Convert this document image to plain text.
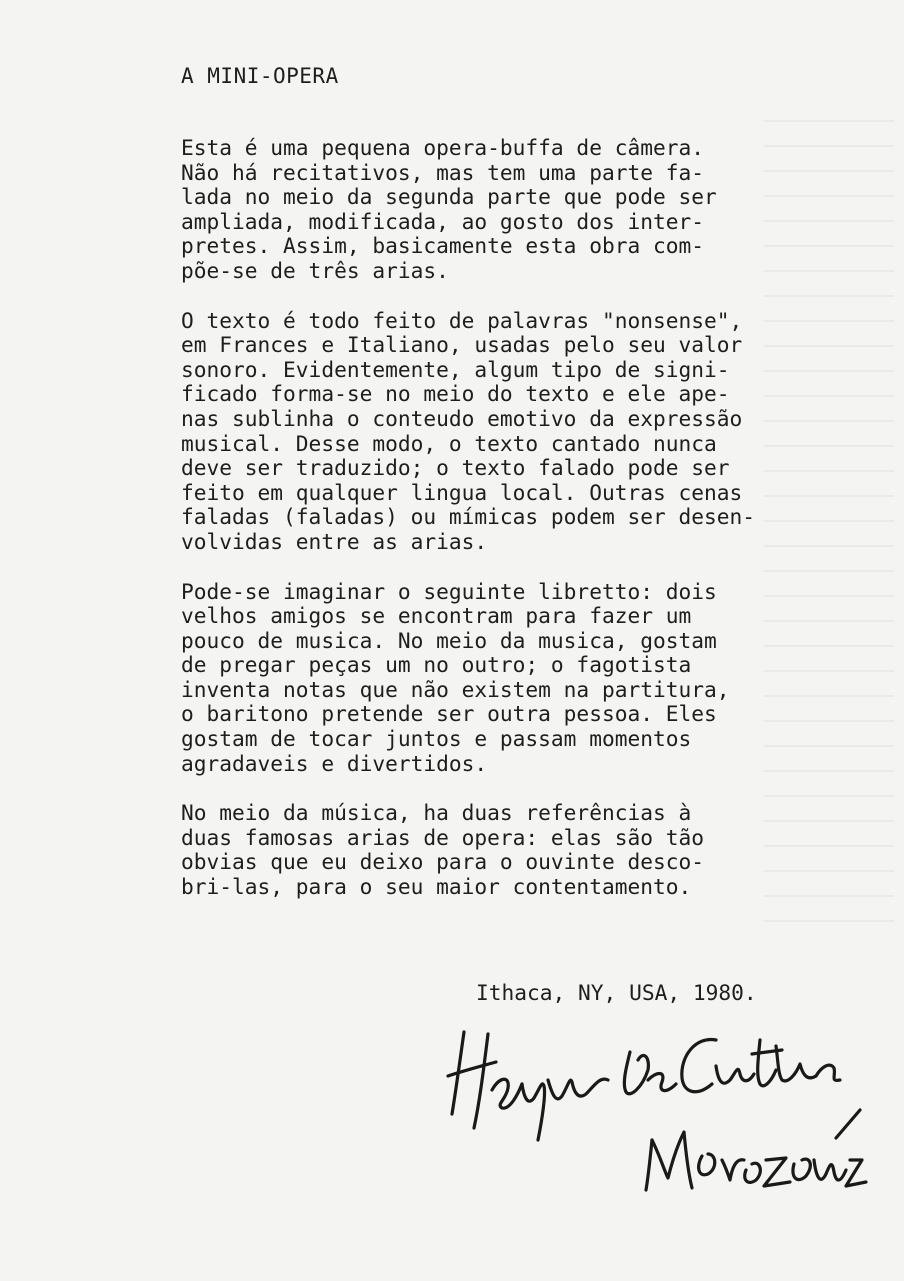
A MINI-OPERA

Esta é uma pequena opera-buffa de câmera.
Não há recitativos, mas tem uma parte fa-
lada no meio da segunda parte que pode ser
ampliada, modificada, ao gosto dos inter-
pretes. Assim, basicamente esta obra com-
põe-se de três arias.

O texto é todo feito de palavras "nonsense",
em Frances e Italiano, usadas pelo seu valor
sonoro. Evidentemente, algum tipo de signi-
ficado forma-se no meio do texto e ele ape-
nas sublinha o conteudo emotivo da expressão
musical. Desse modo, o texto cantado nunca
deve ser traduzido; o texto falado pode ser
feito em qualquer lingua local. Outras cenas
faladas (faladas) ou mímicas podem ser desen-
volvidas entre as arias.

Pode-se imaginar o seguinte libretto: dois
velhos amigos se encontram para fazer um
pouco de musica. No meio da musica, gostam
de pregar peças um no outro; o fagotista
inventa notas que não existem na partitura,
o baritono pretende ser outra pessoa. Eles
gostam de tocar juntos e passam momentos
agradaveis e divertidos.

No meio da música, ha duas referências à
duas famosas arias de opera: elas são tão
obvias que eu deixo para o ouvinte desco-
bri-las, para o seu maior contentamento.

Ithaca, NY, USA, 1980.
